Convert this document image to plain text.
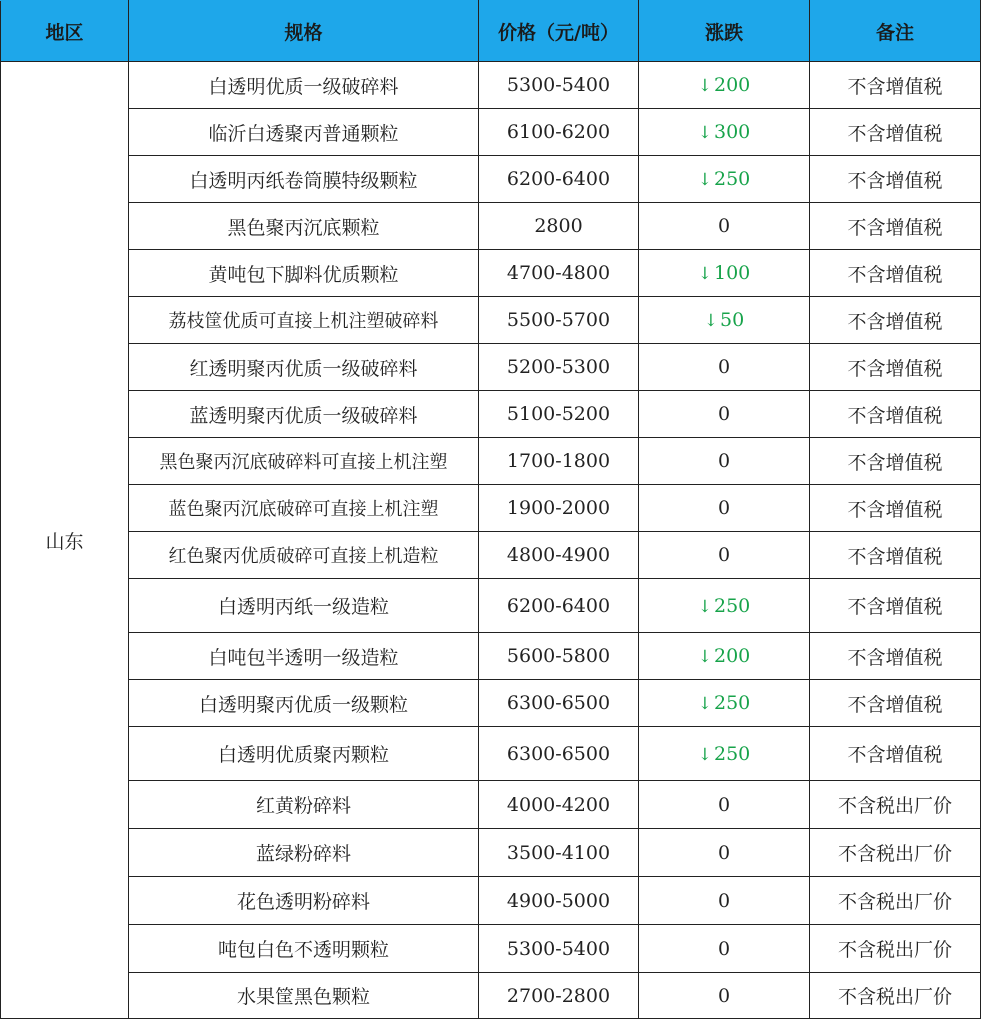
地区	规格	价格（元/吨）	涨跌	备注
山东	白透明优质一级破碎料	5300-5400	↓ 200	不含增值税
	临沂白透聚丙普通颗粒	6100-6200	↓ 300	不含增值税
	白透明丙纸卷筒膜特级颗粒	6200-6400	↓ 250	不含增值税
	黑色聚丙沉底颗粒	2800	0	不含增值税
	黄吨包下脚料优质颗粒	4700-4800	↓ 100	不含增值税
	荔枝筐优质可直接上机注塑破碎料	5500-5700	↓ 50	不含增值税
	红透明聚丙优质一级破碎料	5200-5300	0	不含增值税
	蓝透明聚丙优质一级破碎料	5100-5200	0	不含增值税
	黑色聚丙沉底破碎料可直接上机注塑	1700-1800	0	不含增值税
	蓝色聚丙沉底破碎可直接上机注塑	1900-2000	0	不含增值税
	红色聚丙优质破碎可直接上机造粒	4800-4900	0	不含增值税
	白透明丙纸一级造粒	6200-6400	↓ 250	不含增值税
	白吨包半透明一级造粒	5600-5800	↓ 200	不含增值税
	白透明聚丙优质一级颗粒	6300-6500	↓ 250	不含增值税
	白透明优质聚丙颗粒	6300-6500	↓ 250	不含增值税
	红黄粉碎料	4000-4200	0	不含税出厂价
	蓝绿粉碎料	3500-4100	0	不含税出厂价
	花色透明粉碎料	4900-5000	0	不含税出厂价
	吨包白色不透明颗粒	5300-5400	0	不含税出厂价
	水果筐黑色颗粒	2700-2800	0	不含税出厂价
